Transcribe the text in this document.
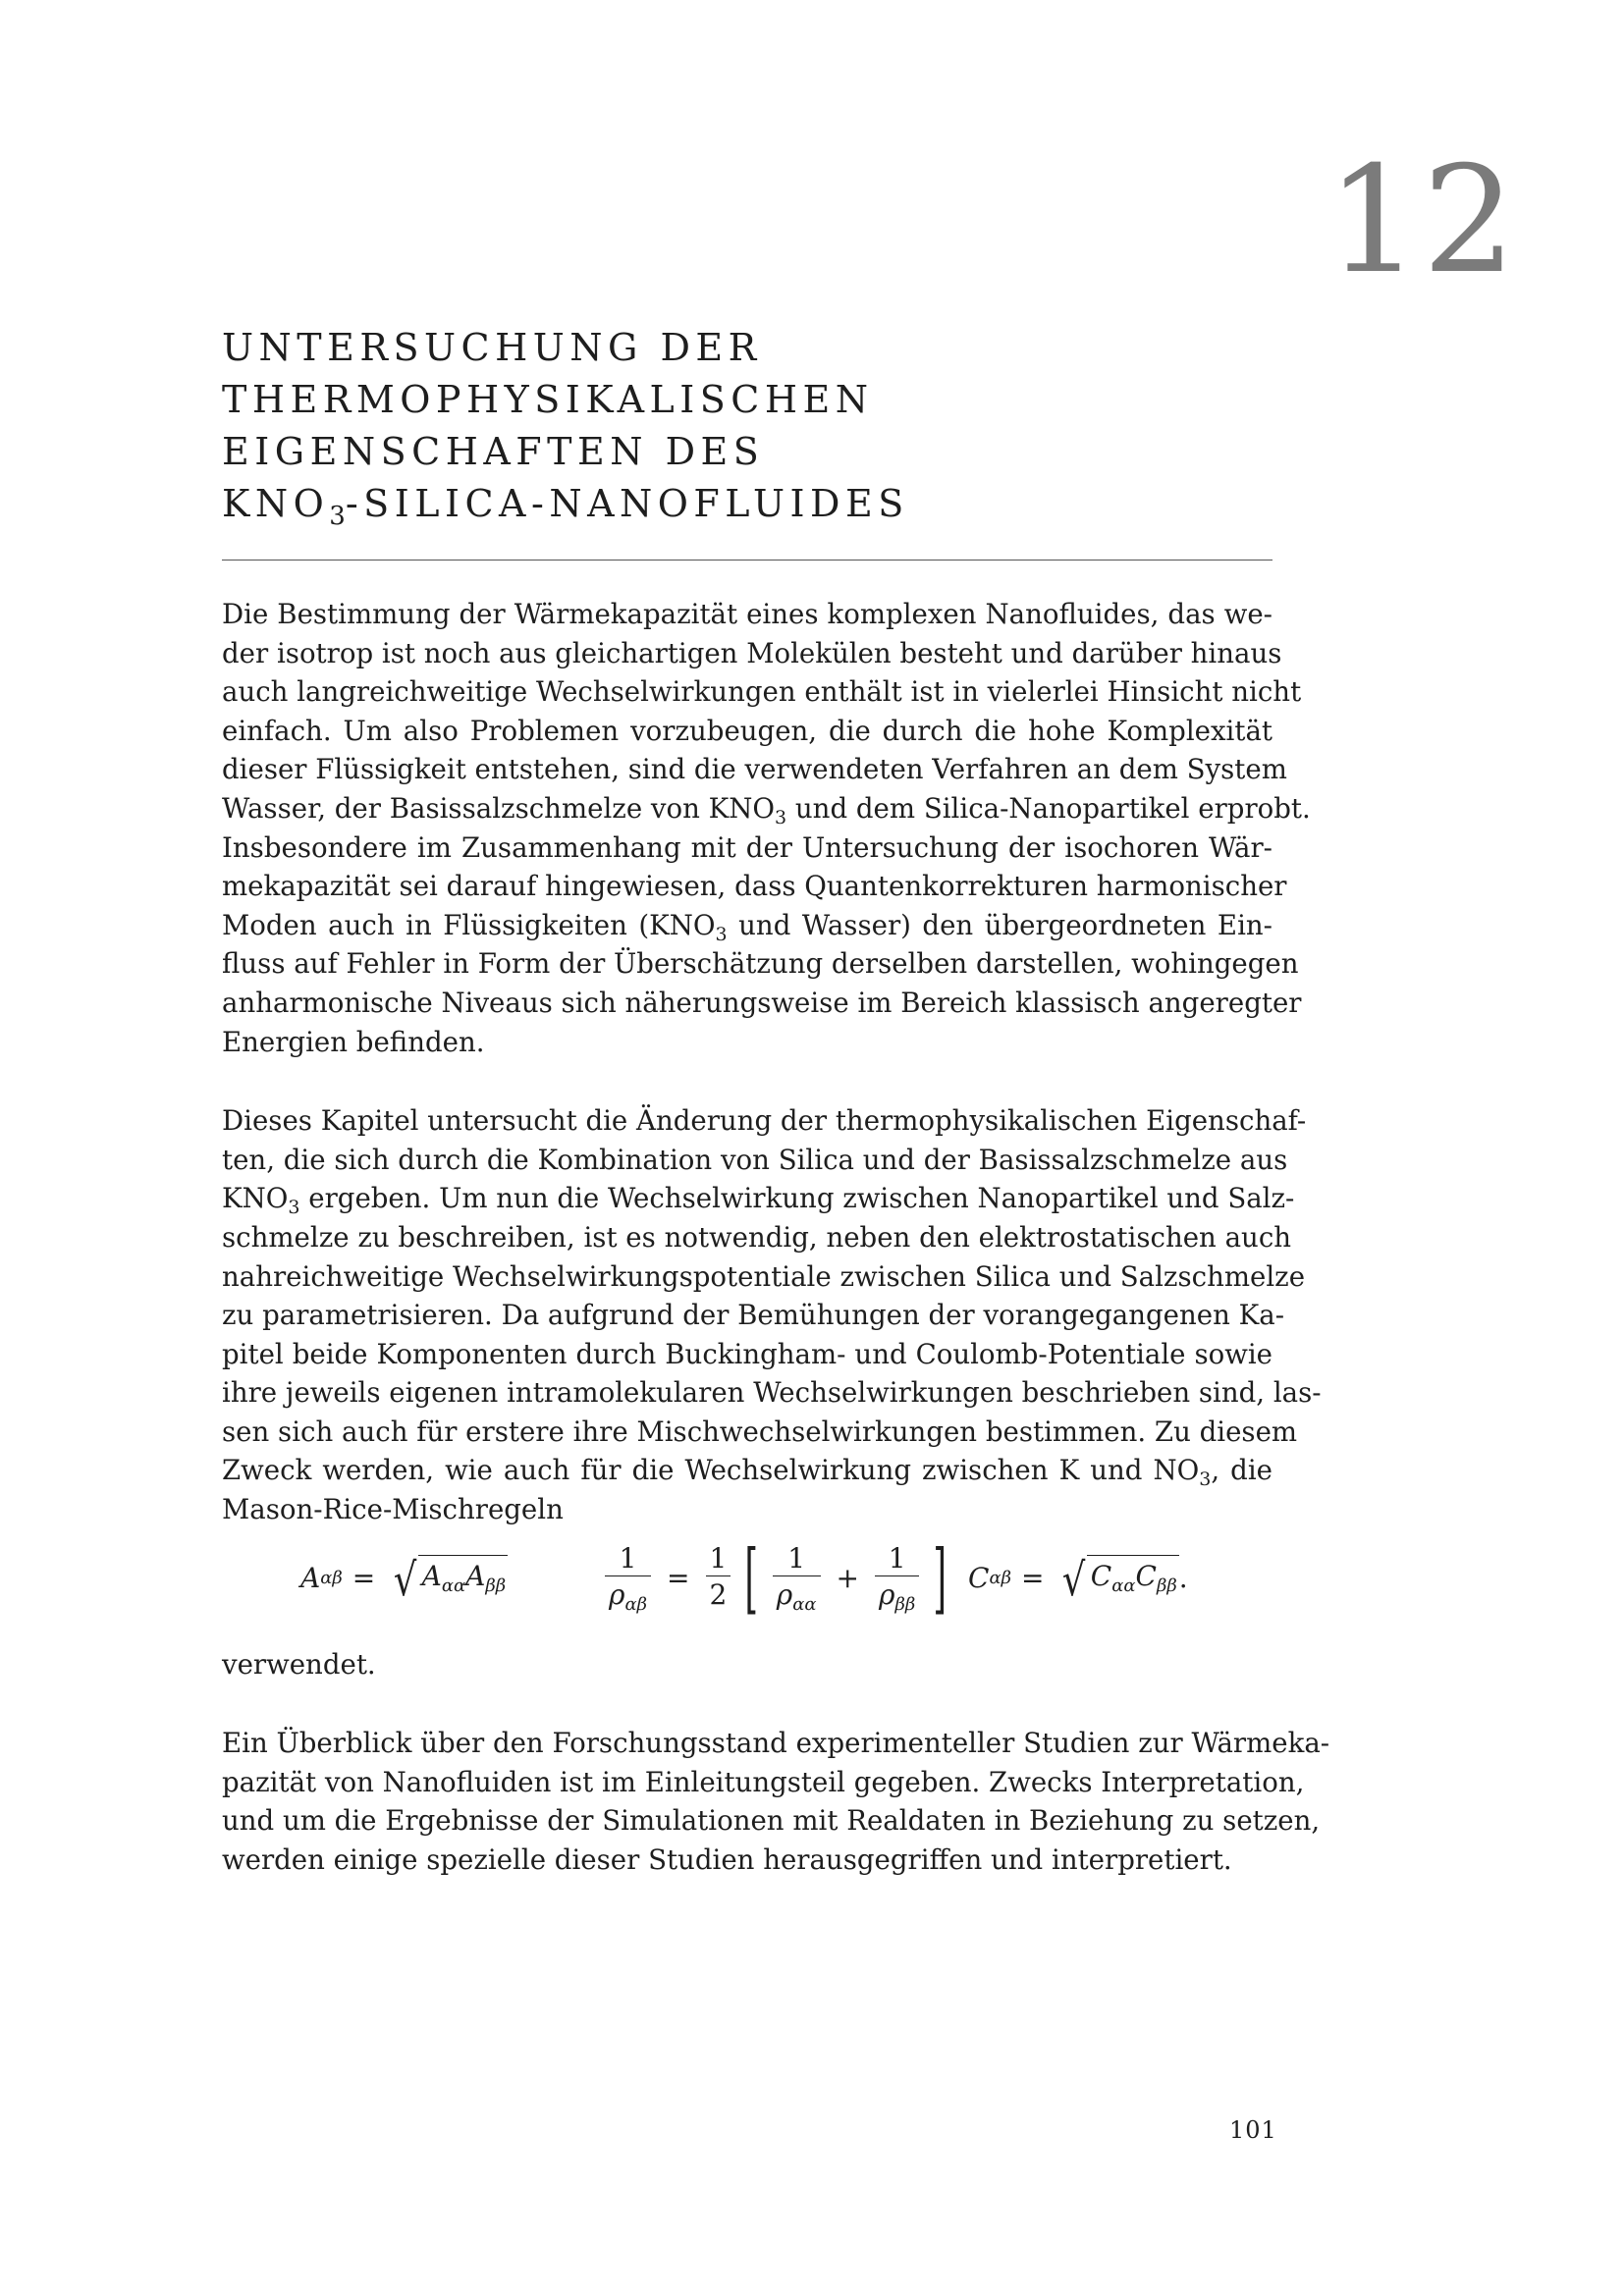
12
UNTERSUCHUNG DER
THERMOPHYSIKALISCHEN
EIGENSCHAFTEN DES
$KNO_3-SILICA$-NANOFLUIDES

Die Bestimmung der Wärmekapazität eines komplexen Nanofluides, das we-
der isotrop ist noch aus gleichartigen Molekülen besteht und darüber hinaus
auch langreichweitige Wechselwirkungen enthält ist in vielerlei Hinsicht nicht
einfach. Um also Problemen vorzubeugen, die durch die hohe Komplexität
dieser Flüssigkeit entstehen, sind die verwendeten Verfahren an dem System
Wasser, der Basissalzschmelze von $KNO_3$ und dem Silica-Nanopartikel erprobt.
Insbesondere im Zusammenhang mit der Untersuchung der isochoren Wär-
mekapazität sei darauf hingewiesen, dass Quantenkorrekturen harmonischer
Moden auch in Flüssigkeiten ($KNO_3$ und Wasser) den übergeordneten Ein-
fluss auf Fehler in Form der Überschätzung derselben darstellen, wohingegen
anharmonische Niveaus sich näherungsweise im Bereich klassisch angeregter
Energien befinden.

Dieses Kapitel untersucht die Änderung der thermophysikalischen Eigenschaf-
ten, die sich durch die Kombination von Silica und der Basissalzschmelze aus
$KNO_3$ ergeben. Um nun die Wechselwirkung zwischen Nanopartikel und Salz-
schmelze zu beschreiben, ist es notwendig, neben den elektrostatischen auch
nahreichweitige Wechselwirkungspotentiale zwischen Silica und Salzschmelze
zu parametrisieren. Da aufgrund der Bemühungen der vorangegangenen Ka-
pitel beide Komponenten durch Buckingham- und Coulomb-Potentiale sowie
ihre jeweils eigenen intramolekularen Wechselwirkungen beschrieben sind, las-
sen sich auch für erstere ihre Mischwechselwirkungen bestimmen. Zu diesem
Zweck werden, wie auch für die Wechselwirkung zwischen K und $NO_3$, die
Mason-Rice-Mischregeln

A αβ = √ $A_{\alpha\alpha}A_{\beta\beta}$	$\frac{1}{\rho_{\alpha\beta}} = \frac{1}{2}$ [ $\frac{1}{\rho_{\alpha\alpha}} + \frac{1}{\rho_{\beta\beta}}$ ] C αβ = √ $C_{\alpha\alpha}C_{\beta\beta}$ .

verwendet.

Ein Überblick über den Forschungsstand experimenteller Studien zur Wärmeka-
pazität von Nanofluiden ist im Einleitungsteil gegeben. Zwecks Interpretation,
und um die Ergebnisse der Simulationen mit Realdaten in Beziehung zu setzen,
werden einige spezielle dieser Studien herausgegriffen und interpretiert.

101
